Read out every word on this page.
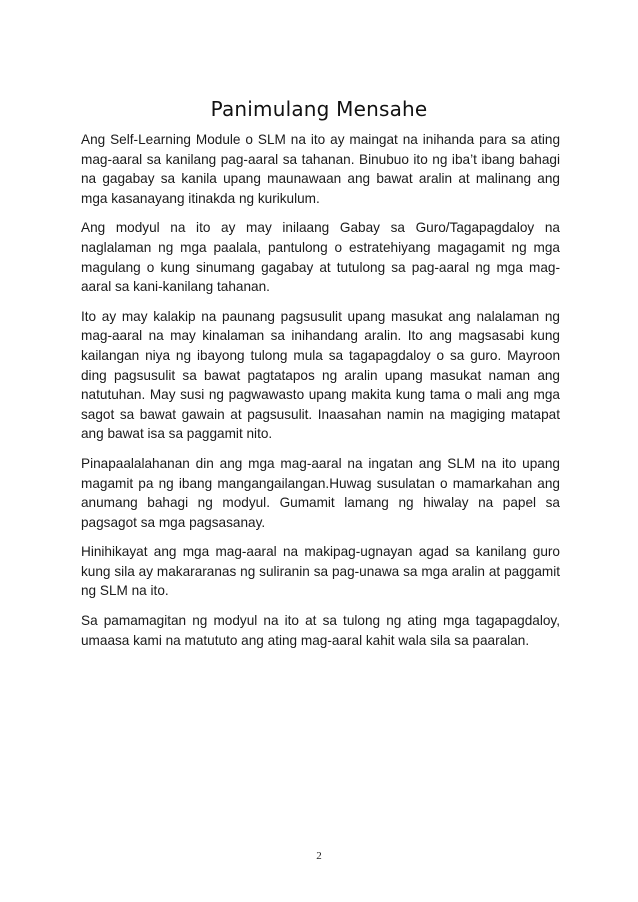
Panimulang Mensahe

Ang Self-Learning Module o SLM na ito ay maingat na inihanda para sa ating mag-aaral sa kanilang pag-aaral sa tahanan. Binubuo ito ng iba’t ibang bahagi na gagabay sa kanila upang maunawaan ang bawat aralin at malinang ang mga kasanayang itinakda ng kurikulum.

Ang modyul na ito ay may inilaang Gabay sa Guro/Tagapagdaloy na naglalaman ng mga paalala, pantulong o estratehiyang magagamit ng mga magulang o kung sinumang gagabay at tutulong sa pag-aaral ng mga mag-aaral sa kani-kanilang tahanan.

Ito ay may kalakip na paunang pagsusulit upang masukat ang nalalaman ng mag-aaral na may kinalaman sa inihandang aralin. Ito ang magsasabi kung kailangan niya ng ibayong tulong mula sa tagapagdaloy o sa guro. Mayroon ding pagsusulit sa bawat pagtatapos ng aralin upang masukat naman ang natutuhan. May susi ng pagwawasto upang makita kung tama o mali ang mga sagot sa bawat gawain at pagsusulit. Inaasahan namin na magiging matapat ang bawat isa sa paggamit nito.

Pinapaalalahanan din ang mga mag-aaral na ingatan ang SLM na ito upang magamit pa ng ibang mangangailangan.Huwag susulatan o mamarkahan ang anumang bahagi ng modyul. Gumamit lamang ng hiwalay na papel sa pagsagot sa mga pagsasanay.

Hinihikayat ang mga mag-aaral na makipag-ugnayan agad sa kanilang guro kung sila ay makararanas ng suliranin sa pag-unawa sa mga aralin at paggamit ng SLM na ito.

Sa pamamagitan ng modyul na ito at sa tulong ng ating mga tagapagdaloy, umaasa kami na matututo ang ating mag-aaral kahit wala sila sa paaralan.

2
